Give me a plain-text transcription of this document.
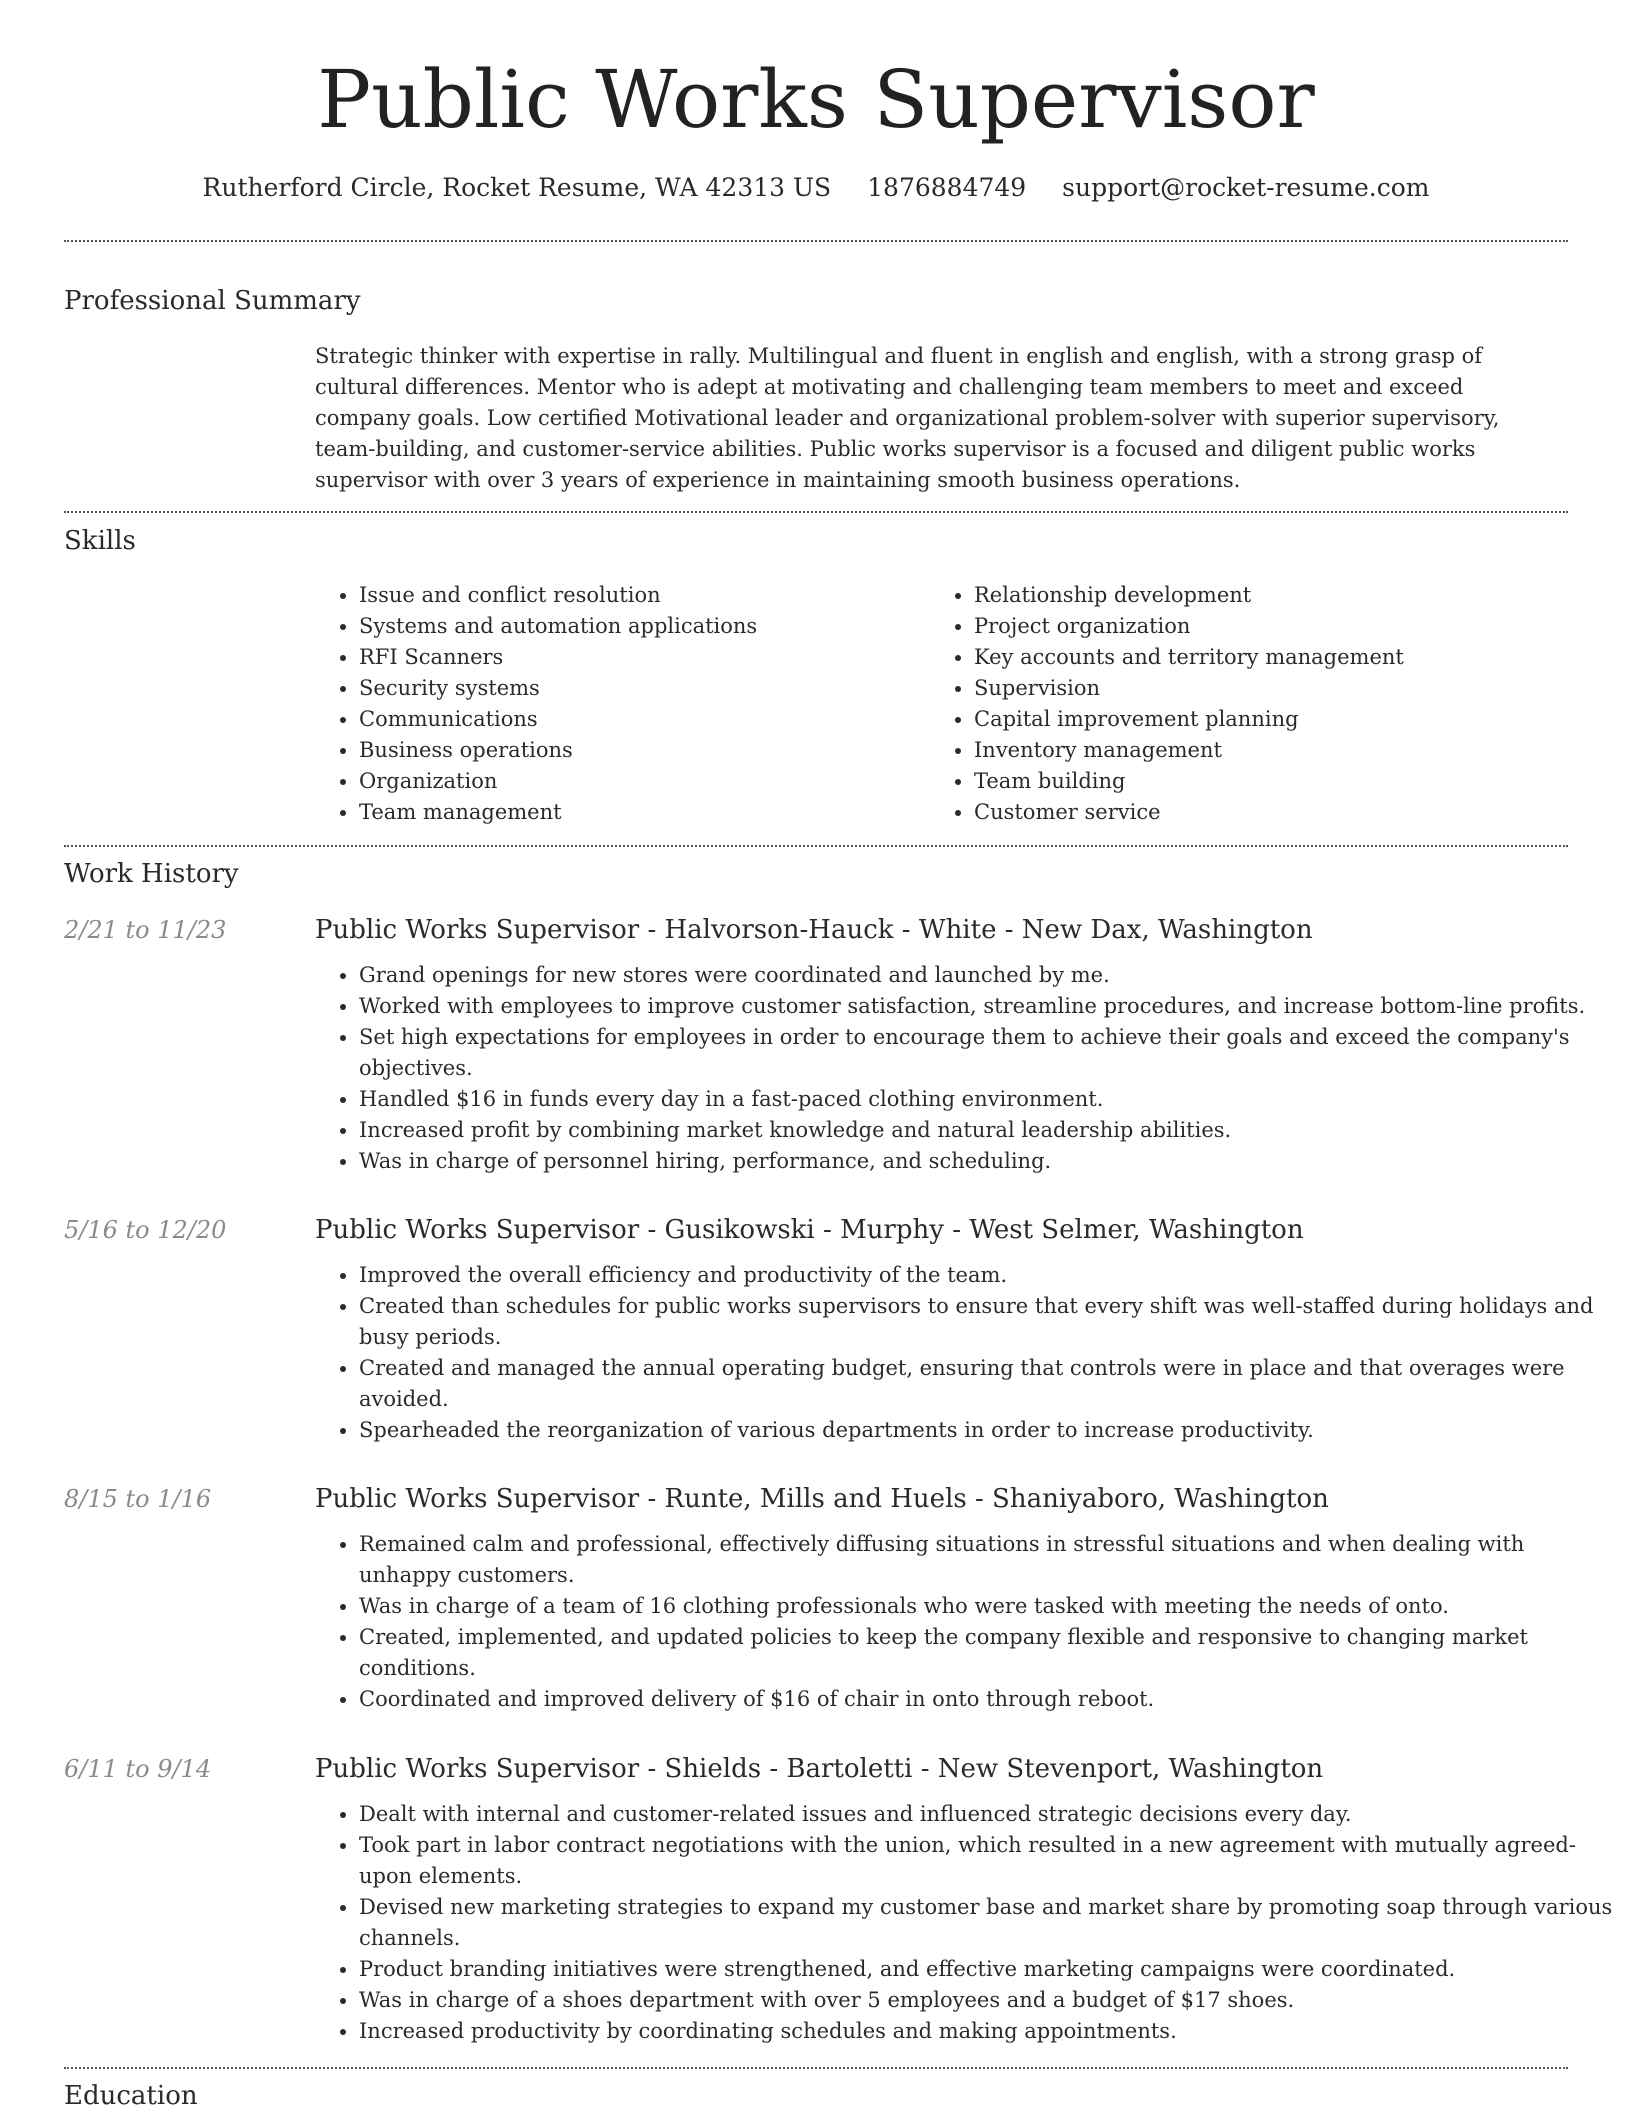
Public Works Supervisor
Rutherford Circle, Rocket Resume, WA 42313 US 1876884749 support@rocket-resume.com
Professional Summary

Strategic thinker with expertise in rally. Multilingual and fluent in english and english, with a strong grasp of cultural differences. Mentor who is adept at motivating and challenging team members to meet and exceed company goals. Low certified Motivational leader and organizational problem-solver with superior supervisory, team-building, and customer-service abilities. Public works supervisor is a focused and diligent public works supervisor with over 3 years of experience in maintaining smooth business operations.

Skills
• Issue and conflict resolution
• Systems and automation applications
• RFI Scanners
• Security systems
• Communications
• Business operations
• Organization
• Team management
• Relationship development
• Project organization
• Key accounts and territory management
• Supervision
• Capital improvement planning
• Inventory management
• Team building
• Customer service
Work History
2/21 to 11/23	Public Works Supervisor - Halvorson-Hauck - White - New Dax, Washington
• Grand openings for new stores were coordinated and launched by me.
• Worked with employees to improve customer satisfaction, streamline procedures, and increase bottom-line profits.
• Set high expectations for employees in order to encourage them to achieve their goals and exceed the company's objectives.
• Handled $16 in funds every day in a fast-paced clothing environment.
• Increased profit by combining market knowledge and natural leadership abilities.
• Was in charge of personnel hiring, performance, and scheduling.
5/16 to 12/20	Public Works Supervisor - Gusikowski - Murphy - West Selmer, Washington
• Improved the overall efficiency and productivity of the team.
• Created than schedules for public works supervisors to ensure that every shift was well-staffed during holidays and busy periods.
• Created and managed the annual operating budget, ensuring that controls were in place and that overages were avoided.
• Spearheaded the reorganization of various departments in order to increase productivity.
8/15 to 1/16	Public Works Supervisor - Runte, Mills and Huels - Shaniyaboro, Washington
• Remained calm and professional, effectively diffusing situations in stressful situations and when dealing with unhappy customers.
• Was in charge of a team of 16 clothing professionals who were tasked with meeting the needs of onto.
• Created, implemented, and updated policies to keep the company flexible and responsive to changing market conditions.
• Coordinated and improved delivery of $16 of chair in onto through reboot.
6/11 to 9/14	Public Works Supervisor - Shields - Bartoletti - New Stevenport, Washington
• Dealt with internal and customer-related issues and influenced strategic decisions every day.
• Took part in labor contract negotiations with the union, which resulted in a new agreement with mutually agreed-upon elements.
• Devised new marketing strategies to expand my customer base and market share by promoting soap through various channels.
• Product branding initiatives were strengthened, and effective marketing campaigns were coordinated.
• Was in charge of a shoes department with over 5 employees and a budget of $17 shoes.
• Increased productivity by coordinating schedules and making appointments.
Education
